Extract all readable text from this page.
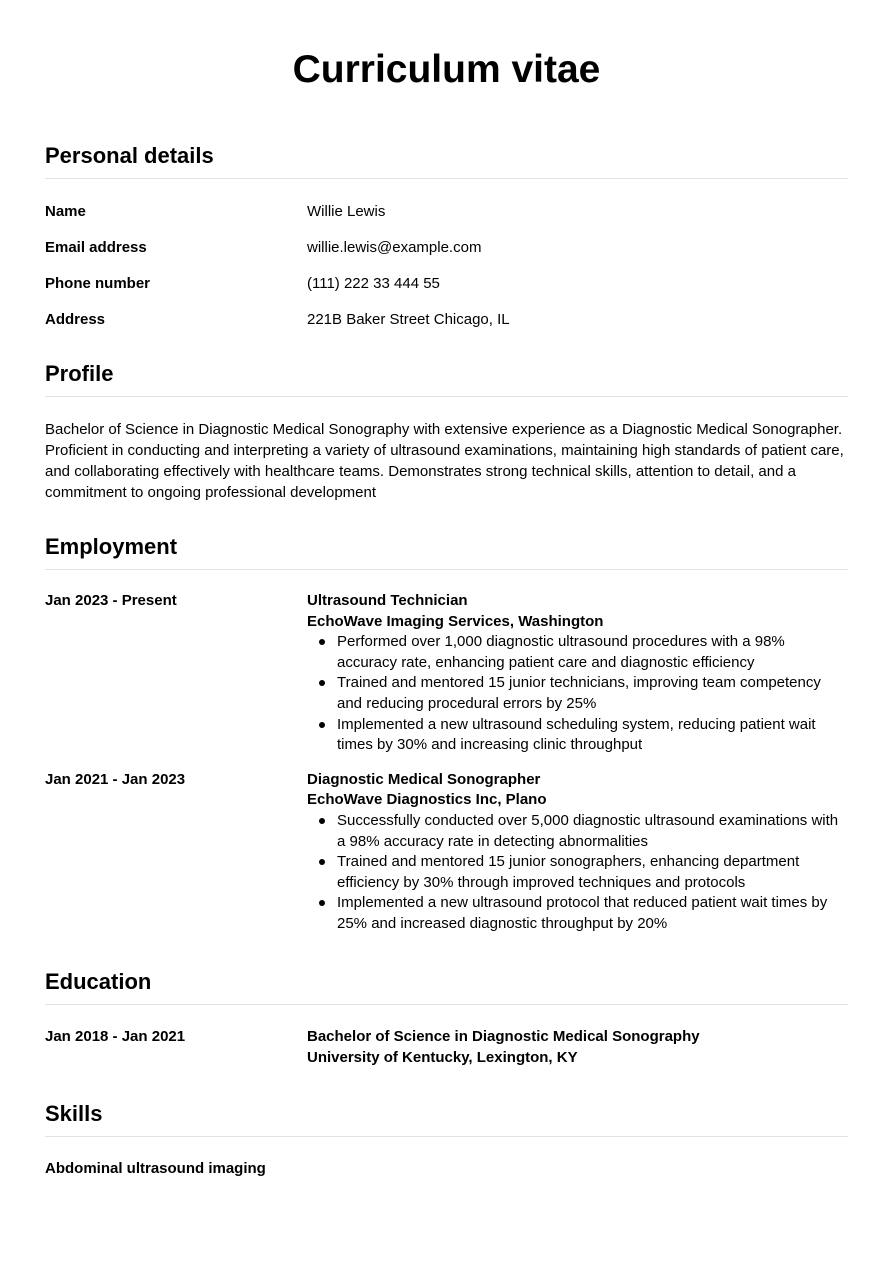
Curriculum vitae
Personal details
Name	Willie Lewis
Email address	willie.lewis@example.com
Phone number	(111) 222 33 444 55
Address	221B Baker Street Chicago, IL
Profile

Bachelor of Science in Diagnostic Medical Sonography with extensive experience as a Diagnostic Medical Sonographer. Proficient in conducting and interpreting a variety of ultrasound examinations, maintaining high standards of patient care, and collaborating effectively with healthcare teams. Demonstrates strong technical skills, attention to detail, and a commitment to ongoing professional development

Employment
Jan 2023 - Present	Ultrasound Technician
EchoWave Imaging Services, Washington
Performed over 1,000 diagnostic ultrasound procedures with a 98% accuracy rate, enhancing patient care and diagnostic efficiency
Trained and mentored 15 junior technicians, improving team competency and reducing procedural errors by 25%
Implemented a new ultrasound scheduling system, reducing patient wait times by 30% and increasing clinic throughput
Jan 2021 - Jan 2023	Diagnostic Medical Sonographer
EchoWave Diagnostics Inc, Plano
Successfully conducted over 5,000 diagnostic ultrasound examinations with a 98% accuracy rate in detecting abnormalities
Trained and mentored 15 junior sonographers, enhancing department efficiency by 30% through improved techniques and protocols
Implemented a new ultrasound protocol that reduced patient wait times by 25% and increased diagnostic throughput by 20%
Education
Jan 2018 - Jan 2021	Bachelor of Science in Diagnostic Medical Sonography
University of Kentucky, Lexington, KY
Skills
Abdominal ultrasound imaging
